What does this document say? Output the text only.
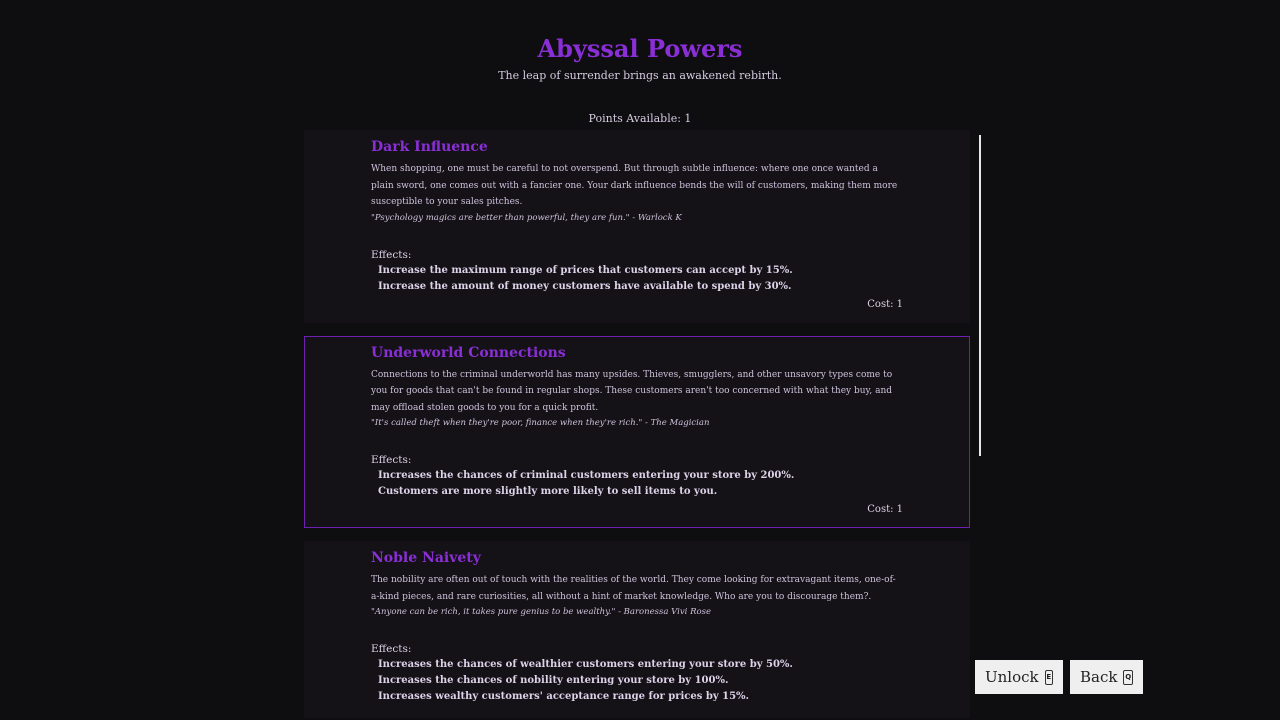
Abyssal Powers
The leap of surrender brings an awakened rebirth.
Points Available: 1
Dark Influence
When shopping, one must be careful to not overspend. But through subtle influence: where one once wanted a plain sword, one comes out with a fancier one. Your dark influence bends the will of customers, making them more susceptible to your sales pitches.
"Psychology magics are better than powerful, they are fun." - Warlock K
Effects:
Increase the maximum range of prices that customers can accept by 15%.
Increase the amount of money customers have available to spend by 30%.
Cost: 1
Underworld Connections
Connections to the criminal underworld has many upsides. Thieves, smugglers, and other unsavory types come to you for goods that can't be found in regular shops. These customers aren't too concerned with what they buy, and may offload stolen goods to you for a quick profit.
"It's called theft when they're poor, finance when they're rich." - The Magician
Effects:
Increases the chances of criminal customers entering your store by 200%.
Customers are more slightly more likely to sell items to you.
Cost: 1
Noble Naivety
The nobility are often out of touch with the realities of the world. They come looking for extravagant items, one-of-a-kind pieces, and rare curiosities, all without a hint of market knowledge. Who are you to discourage them?.
"Anyone can be rich, it takes pure genius to be wealthy." - Baronessa Vivi Rose
Effects:
Increases the chances of wealthier customers entering your store by 50%.
Increases the chances of nobility entering your store by 100%.
Increases wealthy customers' acceptance range for prices by 15%.
Unlock E Back Q
